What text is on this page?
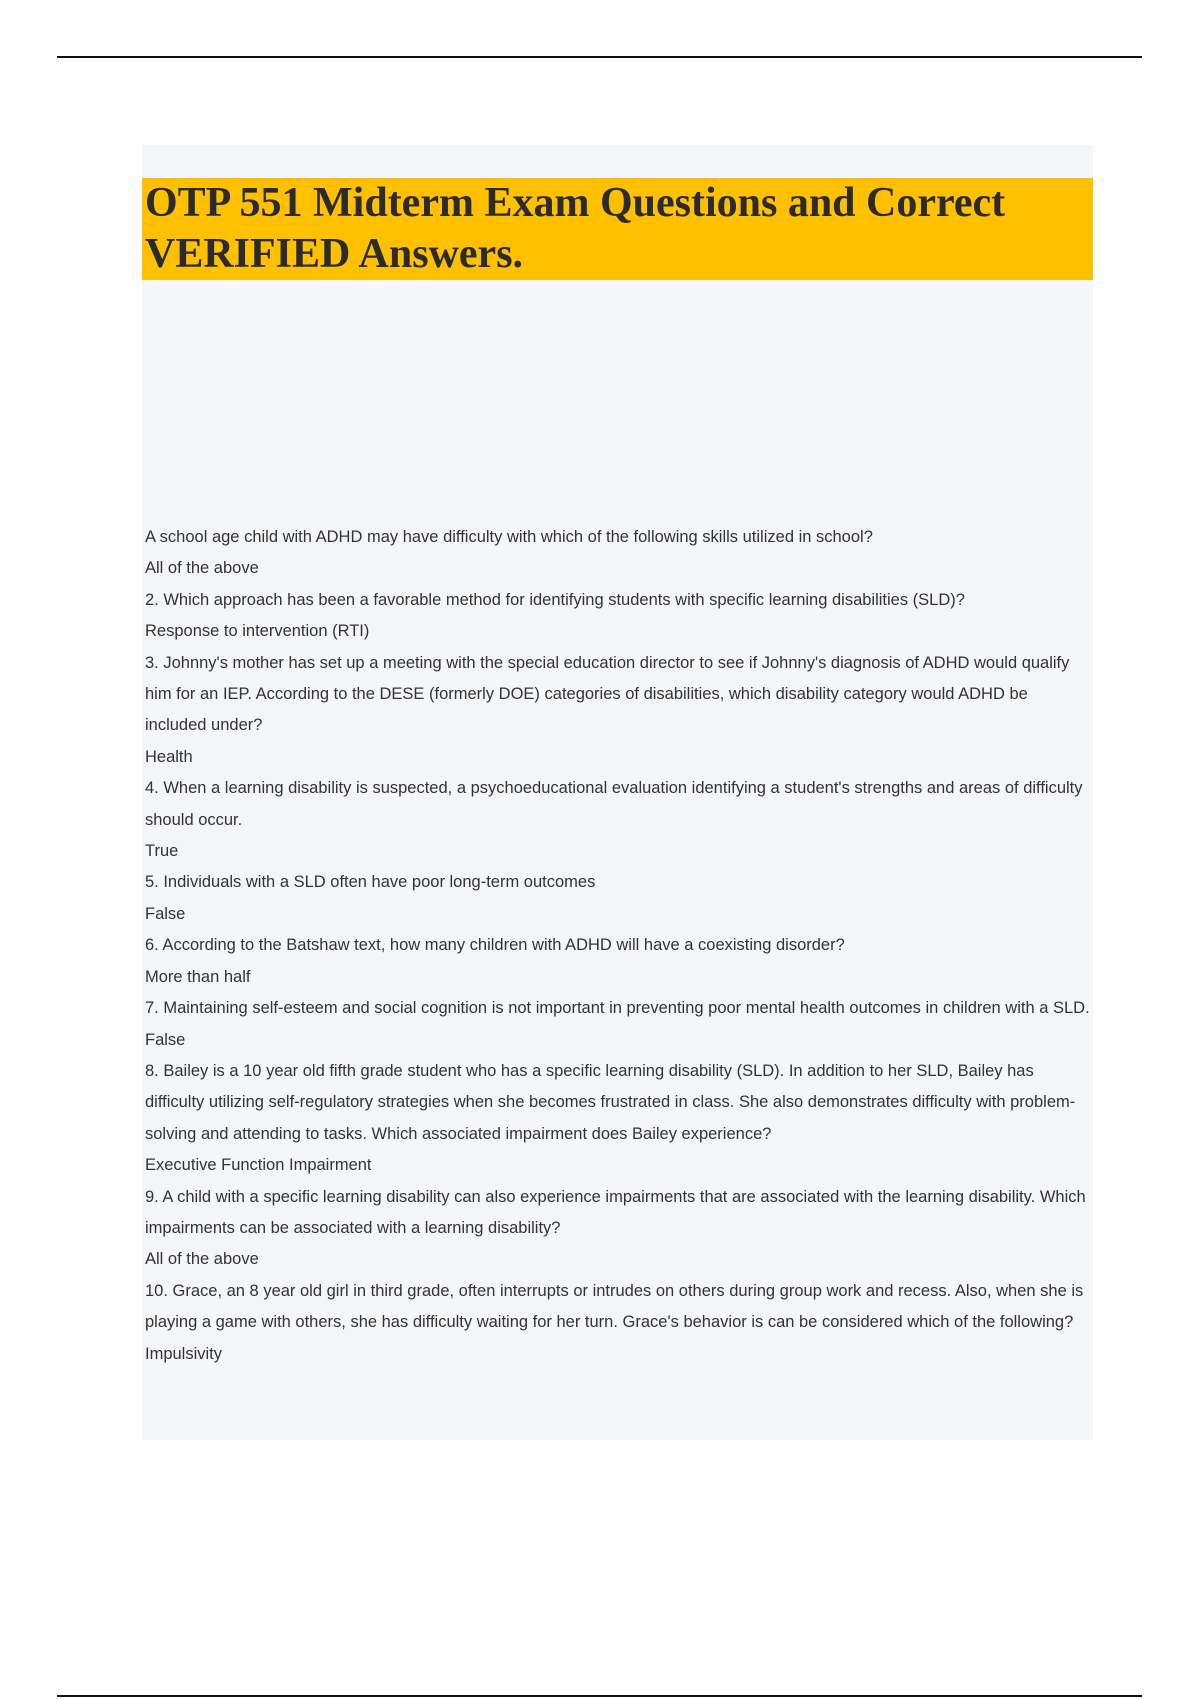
OTP 551 Midterm Exam Questions and Correct VERIFIED Answers.

A school age child with ADHD may have difficulty with which of the following skills utilized in school?

All of the above

2. Which approach has been a favorable method for identifying students with specific learning disabilities (SLD)?

Response to intervention (RTI)

3. Johnny's mother has set up a meeting with the special education director to see if Johnny's diagnosis of ADHD would qualify him for an IEP. According to the DESE (formerly DOE) categories of disabilities, which disability category would ADHD be included under?

Health

4. When a learning disability is suspected, a psychoeducational evaluation identifying a student's strengths and areas of difficulty should occur.

True

5. Individuals with a SLD often have poor long-term outcomes

False

6. According to the Batshaw text, how many children with ADHD will have a coexisting disorder?

More than half

7. Maintaining self-esteem and social cognition is not important in preventing poor mental health outcomes in children with a SLD.

False

8. Bailey is a 10 year old fifth grade student who has a specific learning disability (SLD). In addition to her SLD, Bailey has difficulty utilizing self-regulatory strategies when she becomes frustrated in class. She also demonstrates difficulty with problem-solving and attending to tasks. Which associated impairment does Bailey experience?

Executive Function Impairment

9. A child with a specific learning disability can also experience impairments that are associated with the learning disability. Which impairments can be associated with a learning disability?

All of the above

10. Grace, an 8 year old girl in third grade, often interrupts or intrudes on others during group work and recess. Also, when she is playing a game with others, she has difficulty waiting for her turn. Grace's behavior is can be considered which of the following?

Impulsivity
